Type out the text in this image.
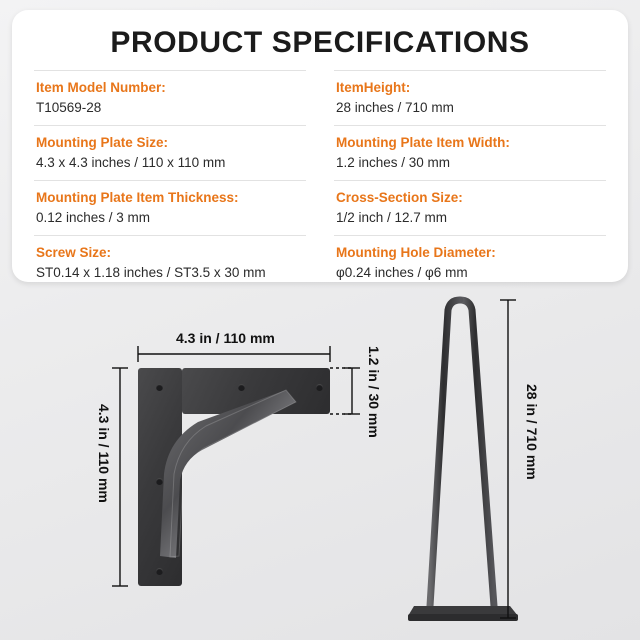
PRODUCT SPECIFICATIONS
Item Model Number:
T10569-28
ItemHeight:
28 inches / 710 mm
Mounting Plate Size:
4.3 x 4.3 inches / 110 x 110 mm
Mounting Plate Item Width:
1.2 inches / 30 mm
Mounting Plate Item Thickness:
0.12 inches / 3 mm
Cross-Section Size:
1/2 inch / 12.7 mm
Screw Size:
ST0.14 x 1.18 inches / ST3.5 x 30 mm
Mounting Hole Diameter:
φ0.24 inches / φ6 mm
4.3 in / 110 mm
4.3 in / 110 mm
1.2 in / 30 mm	28 in / 710 mm
